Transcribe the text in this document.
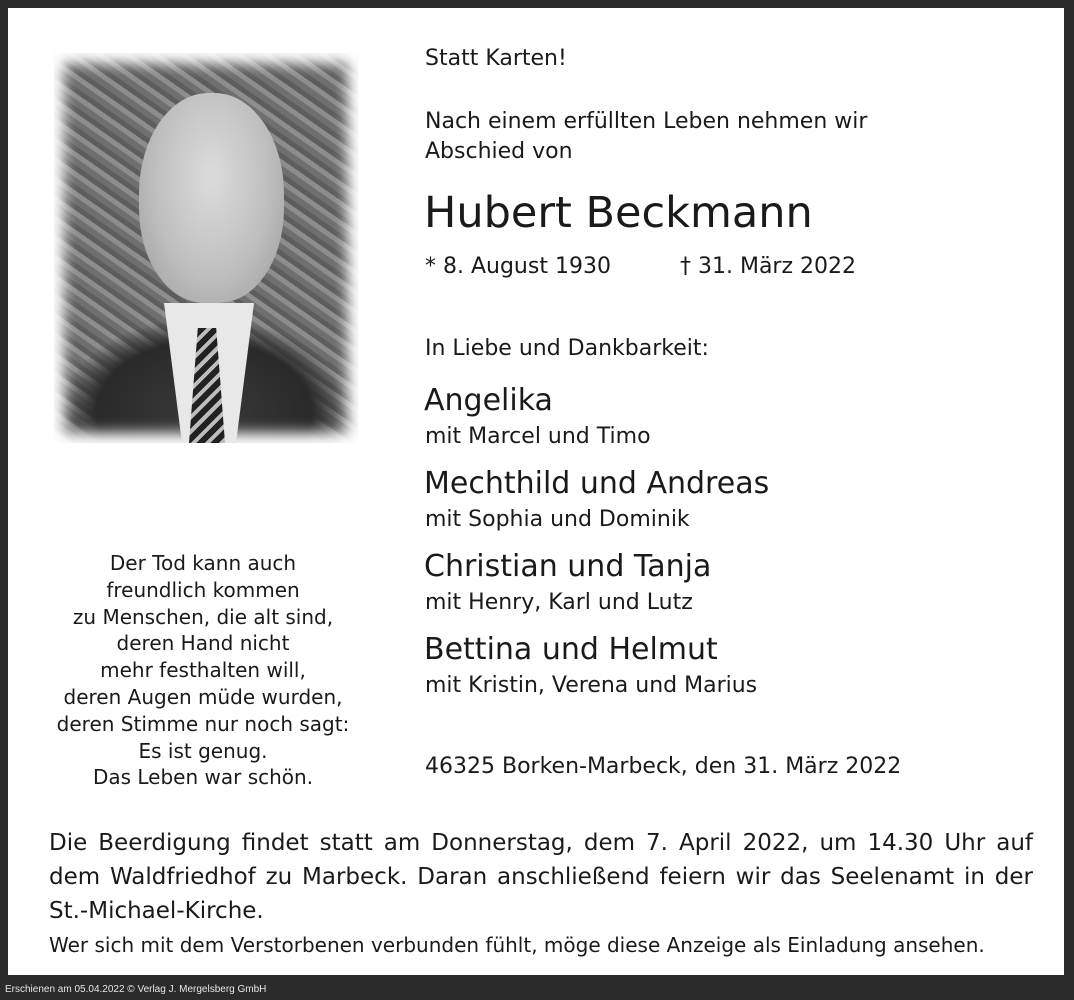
Statt Karten!
Nach einem erfüllten Leben nehmen wir
Abschied von
Hubert Beckmann
* 8. August 1930	† 31. März 2022
In Liebe und Dankbarkeit:
Angelika
mit Marcel und Timo
Mechthild und Andreas
mit Sophia und Dominik
Christian und Tanja
mit Henry, Karl und Lutz
Bettina und Helmut
mit Kristin, Verena und Marius
46325 Borken-Marbeck, den 31. März 2022
Der Tod kann auch
freundlich kommen
zu Menschen, die alt sind,
deren Hand nicht
mehr festhalten will,
deren Augen müde wurden,
deren Stimme nur noch sagt:
Es ist genug.
Das Leben war schön.
Die Beerdigung findet statt am Donnerstag, dem 7. April 2022, um 14.30 Uhr auf dem Waldfriedhof zu Marbeck. Daran anschließend feiern wir das Seelenamt in der St.-Michael-Kirche.
Wer sich mit dem Verstorbenen verbunden fühlt, möge diese Anzeige als Einladung ansehen.
Erschienen am 05.04.2022 © Verlag J. Mergelsberg GmbH
